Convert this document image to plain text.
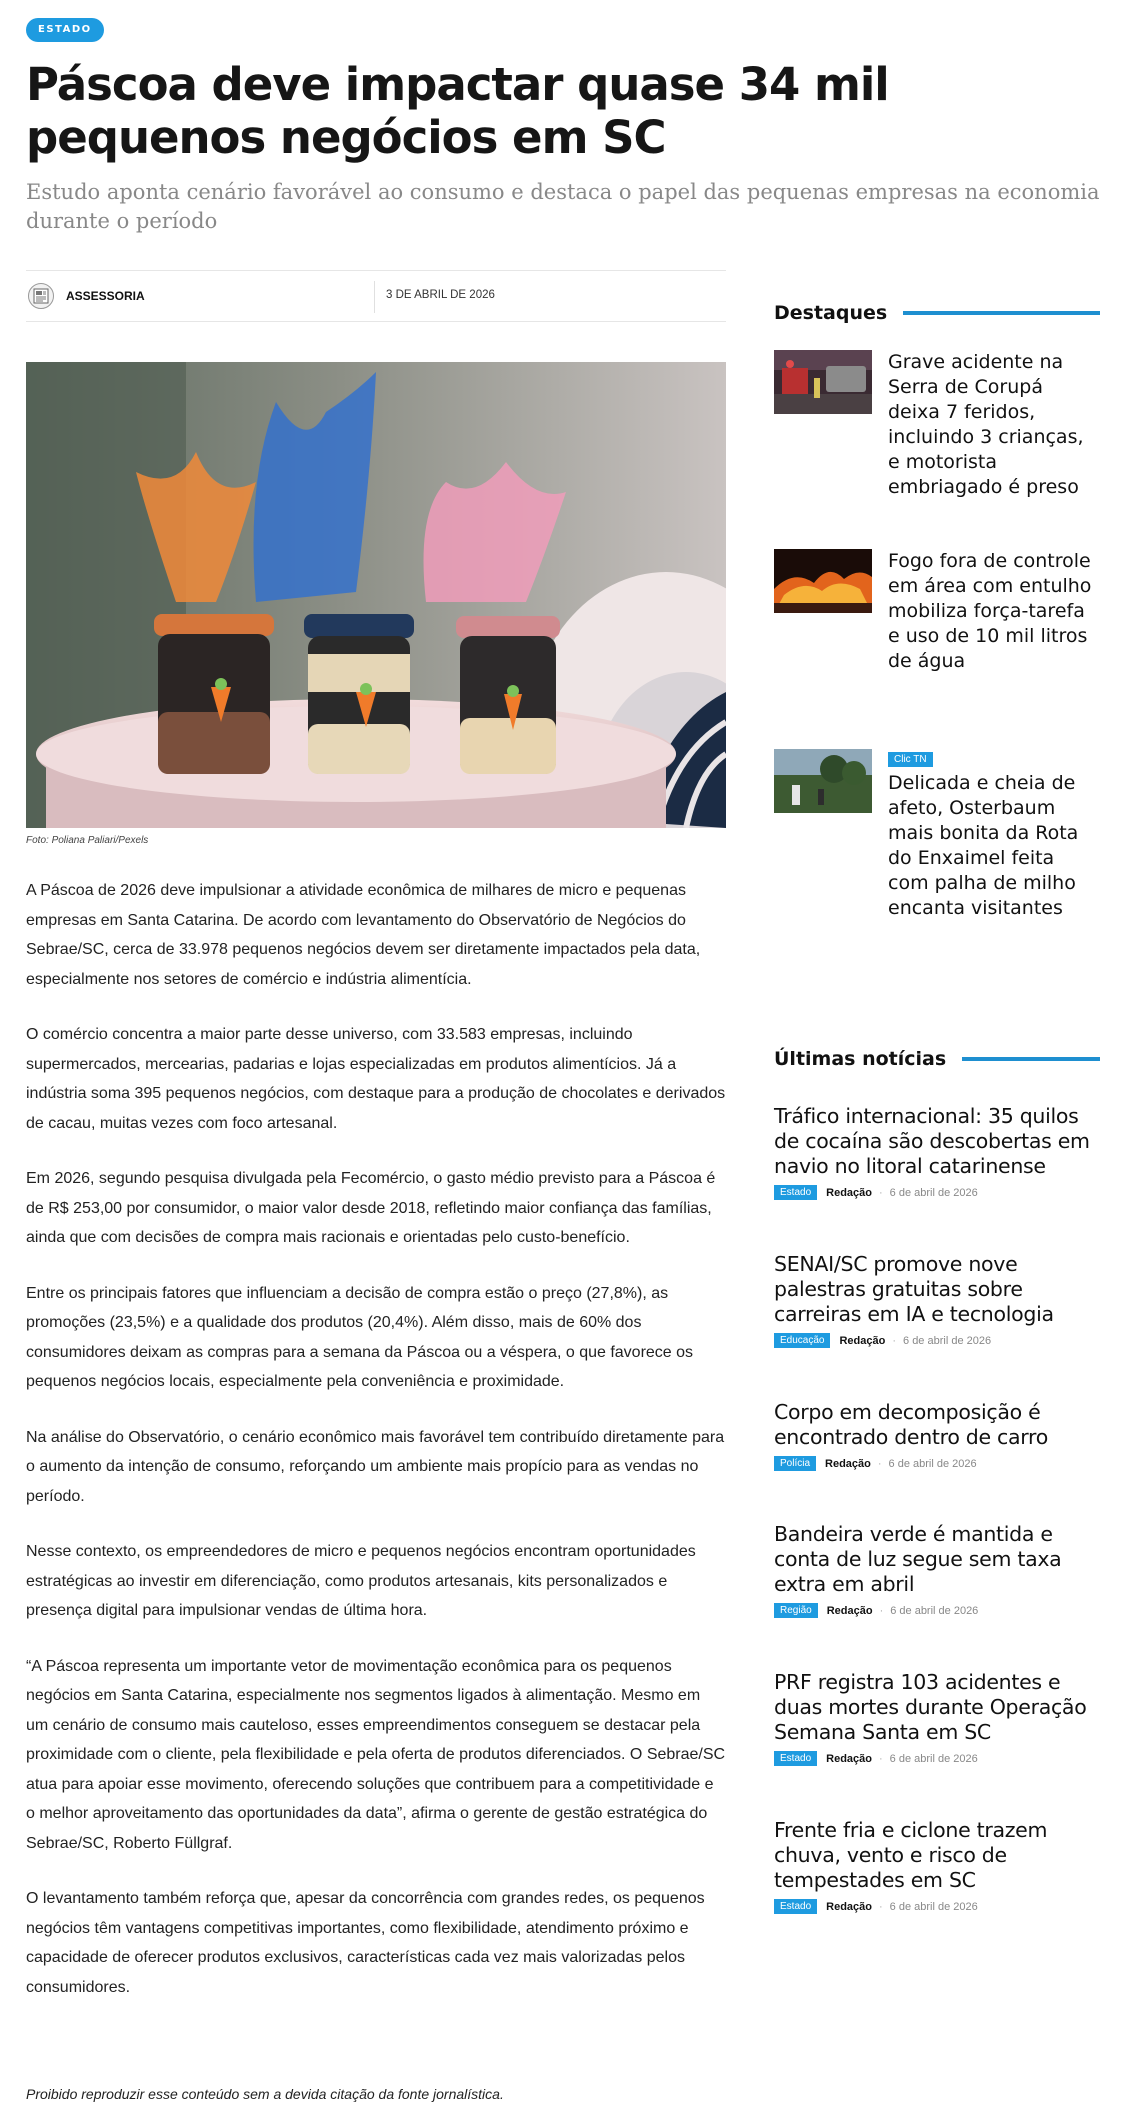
ESTADO
Páscoa deve impactar quase 34 mil pequenos negócios em SC

Estudo aponta cenário favorável ao consumo e destaca o papel das pequenas empresas na economia durante o período

ASSESSORIA	3 DE ABRIL DE 2026
Foto: Poliana Paliari/Pexels

A Páscoa de 2026 deve impulsionar a atividade econômica de milhares de micro e pequenas empresas em Santa Catarina. De acordo com levantamento do Observatório de Negócios do Sebrae/SC, cerca de 33.978 pequenos negócios devem ser diretamente impactados pela data, especialmente nos setores de comércio e indústria alimentícia.

O comércio concentra a maior parte desse universo, com 33.583 empresas, incluindo supermercados, mercearias, padarias e lojas especializadas em produtos alimentícios. Já a indústria soma 395 pequenos negócios, com destaque para a produção de chocolates e derivados de cacau, muitas vezes com foco artesanal.

Em 2026, segundo pesquisa divulgada pela Fecomércio, o gasto médio previsto para a Páscoa é de R$ 253,00 por consumidor, o maior valor desde 2018, refletindo maior confiança das famílias, ainda que com decisões de compra mais racionais e orientadas pelo custo-benefício.

Entre os principais fatores que influenciam a decisão de compra estão o preço (27,8%), as promoções (23,5%) e a qualidade dos produtos (20,4%). Além disso, mais de 60% dos consumidores deixam as compras para a semana da Páscoa ou a véspera, o que favorece os pequenos negócios locais, especialmente pela conveniência e proximidade.

Na análise do Observatório, o cenário econômico mais favorável tem contribuído diretamente para o aumento da intenção de consumo, reforçando um ambiente mais propício para as vendas no período.

Nesse contexto, os empreendedores de micro e pequenos negócios encontram oportunidades estratégicas ao investir em diferenciação, como produtos artesanais, kits personalizados e presença digital para impulsionar vendas de última hora.

“A Páscoa representa um importante vetor de movimentação econômica para os pequenos negócios em Santa Catarina, especialmente nos segmentos ligados à alimentação. Mesmo em um cenário de consumo mais cauteloso, esses empreendimentos conseguem se destacar pela proximidade com o cliente, pela flexibilidade e pela oferta de produtos diferenciados. O Sebrae/SC atua para apoiar esse movimento, oferecendo soluções que contribuem para a competitividade e o melhor aproveitamento das oportunidades da data”, afirma o gerente de gestão estratégica do Sebrae/SC, Roberto Füllgraf.

O levantamento também reforça que, apesar da concorrência com grandes redes, os pequenos negócios têm vantagens competitivas importantes, como flexibilidade, atendimento próximo e capacidade de oferecer produtos exclusivos, características cada vez mais valorizadas pelos consumidores.

Proibido reproduzir esse conteúdo sem a devida citação da fonte jornalística.
Destaques
Grave acidente na Serra de Corupá deixa 7 feridos, incluindo 3 crianças, e motorista embriagado é preso
Fogo fora de controle em área com entulho mobiliza força-tarefa e uso de 10 mil litros de água
Clic TN
Delicada e cheia de afeto, Osterbaum mais bonita da Rota do Enxaimel feita com palha de milho encanta visitantes
Últimas notícias
Tráfico internacional: 35 quilos de cocaína são descobertas em navio no litoral catarinense
Estado	Redação · 6 de abril de 2026
SENAI/SC promove nove palestras gratuitas sobre carreiras em IA e tecnologia
Educação	Redação · 6 de abril de 2026
Corpo em decomposição é encontrado dentro de carro
Polícia	Redação · 6 de abril de 2026
Bandeira verde é mantida e conta de luz segue sem taxa extra em abril
Região	Redação · 6 de abril de 2026
PRF registra 103 acidentes e duas mortes durante Operação Semana Santa em SC
Estado	Redação · 6 de abril de 2026
Frente fria e ciclone trazem chuva, vento e risco de tempestades em SC
Estado	Redação · 6 de abril de 2026
